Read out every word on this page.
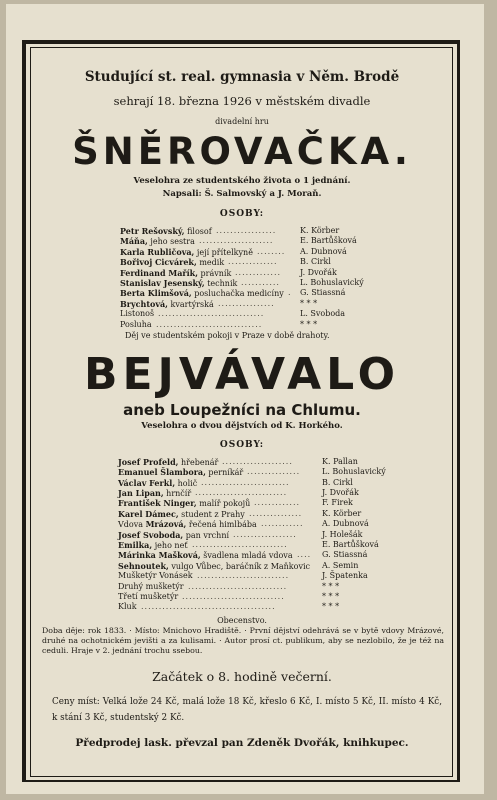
Studující st. real. gymnasia v Něm. Brodě
sehrají 18. března 1926 v městském divadle
divadelní hru
ŠNĚROVAČKA.
Veselohra ze studentského života o 1 jednání.
Napsali: Š. Salmovský a J. Moraň.
OSOBY:
Petr Rešovský, filosof .................	K. Körber
Máňa, jeho sestra .....................	E. Bartůšková
Karla Rubličova, její přítelkyně ........ A. Dubnová
Bořivoj Cicvárek, medik ..............	B. Cirkl
Ferdinand Mařík, právník ............. J. Dvořák
Stanislav Jesenský, technik ...........	L. Bohuslavický
Berta Klimšová, posluchačka medicíny . G. Stiassná
Brychtová, kvartýrská ................	* * *
Listonoš ..............................	L. Svoboda
Posluha ..............................	* * *
Děj ve studentském pokoji v Praze v době drahoty.
BEJVÁVALO
aneb Loupežníci na Chlumu.
Veselohra o dvou dějstvích od K. Horkého.
OSOBY:
Josef Profeld, hřebenář ....................	K. Pallan
Emanuel Šlambora, perníkář ...............	L. Bohuslavický
Václav Ferkl, holič .........................	B. Cirkl
Jan Lipan, hrnčíř ..........................	J. Dvořák
František Ninger, malíř pokojů .............	F. Firek
Karel Dámec, student z Prahy ............... K. Körber
Vdova Mrázová, řečená himlbába ............ A. Dubnová
Josef Svoboda, pan vrchní ..................	J. Holešák
Emilka, jeho neť ...........................	E. Bartůšková
Márinka Mašková, švadlena mladá vdova .... G. Stiassná
Sehnoutek, vulgo Vůbec, baráčník z Maňkovic A. Semin
Mušketýr Vonásek ..........................	J. Špatenka
Druhý mušketýr ............................	* * *
Třetí mušketýr .............................	* * *
Kluk ......................................	* * *
Obecenstvo.
Doba děje: rok 1833. · Místo: Mnichovo Hradiště. · První dějství odehrává se v bytě vdovy Mrázové, druhé na ochotnickém jevišti a za kulisami. · Autor prosí ct. publikum, aby se nezlobilo, že je též na ceduli. Hraje v 2. jednání trochu ssebou.
Začátek o 8. hodině večerní.
Ceny míst: Velká lože 24 Kč, malá lože 18 Kč, křeslo 6 Kč, I. místo 5 Kč, II. místo 4 Kč, k stání 3 Kč, studentský 2 Kč.
Předprodej lask. převzal pan Zdeněk Dvořák, knihkupec.
